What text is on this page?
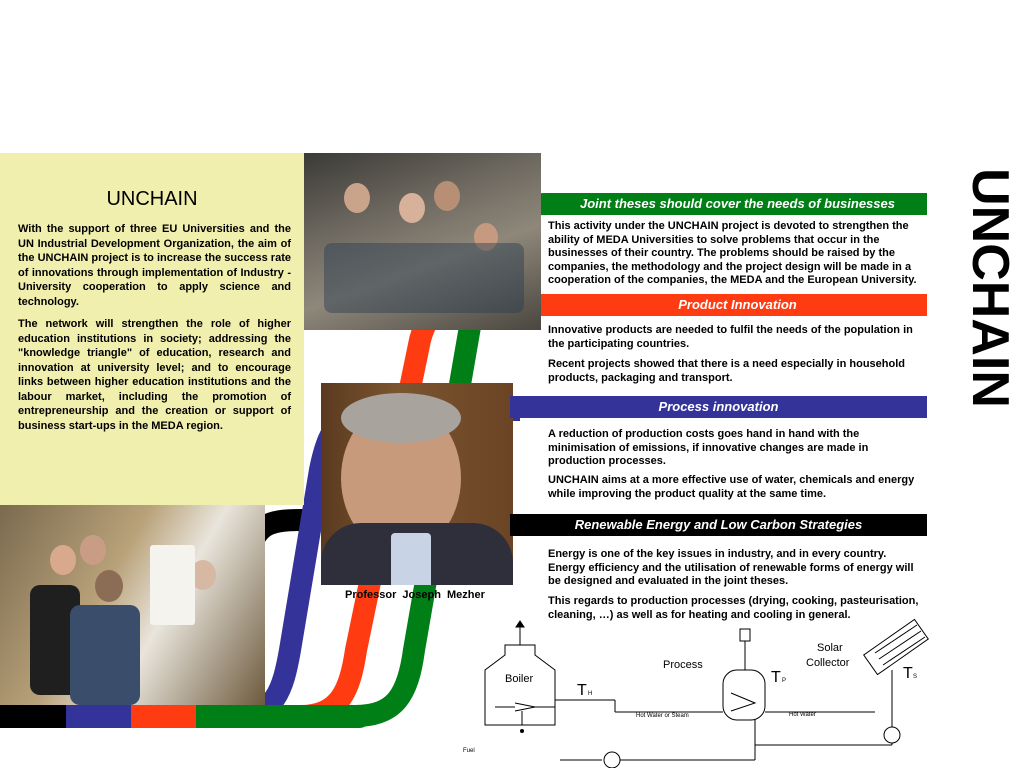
UNCHAIN
With the support of three EU Universities and the UN Industrial Development Organization, the aim of the UNCHAIN project is to increase the success rate of innovations through implementation of Industry - University cooperation to apply science and technology.
The network will strengthen the role of higher education institutions in society; addressing the "knowledge triangle" of education, research and innovation at university level; and to encourage links between higher education institutions and the labour market, including the promotion of entrepreneurship and the creation or support of business start-ups in the MEDA region.
Professor Joseph Mezher
Joint theses should cover the needs of businesses
This activity under the UNCHAIN project is devoted to strengthen the ability of MEDA Universities to solve problems that occur in the businesses of their country. The problems should be raised by the companies, the methodology and the project design will be made in a cooperation of the companies, the MEDA and the European University.
Product Innovation
Innovative products are needed to fulfil the needs of the population in the participating countries.
Recent projects showed that there is a need especially in household products, packaging and transport.
Process innovation
A reduction of production costs goes hand in hand with the minimisation of emissions, if innovative changes are made in production processes.
UNCHAIN aims at a more effective use of water, chemicals and energy while improving the product quality at the same time.
Renewable Energy and Low Carbon Strategies
Energy is one of the key issues in industry, and in every country. Energy efficiency and the utilisation of renewable forms of energy will be designed and evaluated in the joint theses.
This regards to production processes (drying, cooking, pasteurisation, cleaning, …) as well as for heating and cooling in general.
UNCHAIN
Boiler
Process
Solar
Collector
T H
T P	T S
Hot Water or Steam	Hot Water
Fuel
